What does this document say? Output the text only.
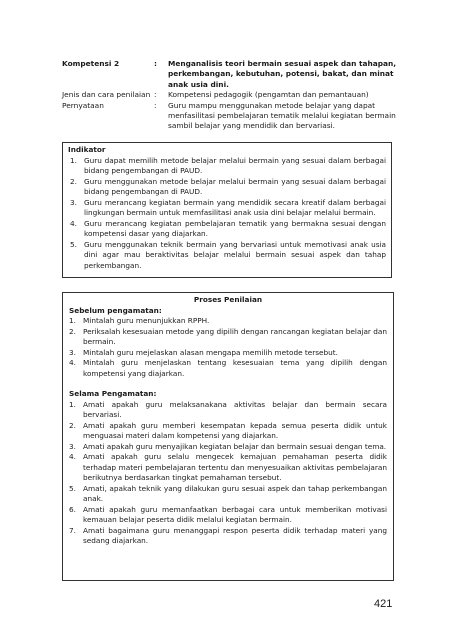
Kompetensi 2	:	Menganalisis teori bermain sesuai aspek dan tahapan, perkembangan, kebutuhan, potensi, bakat, dan minat anak usia dini.
Jenis dan cara penilaian :	Kompetensi pedagogik (pengamtan dan pemantauan)
Pernyataan	:	Guru mampu menggunakan metode belajar yang dapat menfasilitasi pembelajaran tematik melalui kegiatan bermain sambil belajar yang mendidik dan bervariasi.
Indikator
1. Guru dapat memilih metode belajar melalui bermain yang sesuai dalam berbagai bidang pengembangan di PAUD.
2. Guru menggunakan metode belajar melalui bermain yang sesuai dalam berbagai bidang pengembangan di PAUD.
3. Guru merancang kegiatan bermain yang mendidik secara kreatif dalam berbagai lingkungan bermain untuk memfasilitasi anak usia dini belajar melalui bermain.
4. Guru merancang kegiatan pembelajaran tematik yang bermakna sesuai dengan kompetensi dasar yang diajarkan.
5. Guru menggunakan teknik bermain yang bervariasi untuk memotivasi anak usia dini agar mau beraktivitas belajar melalui bermain sesuai aspek dan tahap perkembangan.
Proses Penilaian
Sebelum pengamatan:
1. Mintalah guru menunjukkan RPPH.
2. Periksalah kesesuaian metode yang dipilih dengan rancangan kegiatan belajar dan bermain.
3. Mintalah guru mejelaskan alasan mengapa memilih metode tersebut.
4. Mintalah guru menjelaskan tentang kesesuaian tema yang dipilih dengan kompetensi yang diajarkan.
Selama Pengamatan:
1. Amati apakah guru melaksanakana aktivitas belajar dan bermain secara bervariasi.
2. Amati apakah guru memberi kesempatan kepada semua peserta didik untuk menguasai materi dalam kompetensi yang diajarkan.
3. Amati apakah guru menyajikan kegiatan belajar dan bermain sesuai dengan tema.
4. Amati apakah guru selalu mengecek kemajuan pemahaman peserta didik terhadap materi pembelajaran tertentu dan menyesuaikan aktivitas pembelajaran berikutnya berdasarkan tingkat pemahaman tersebut.
5. Amati, apakah teknik yang dilakukan guru sesuai aspek dan tahap perkembangan anak.
6. Amati apakah guru memanfaatkan berbagai cara untuk memberikan motivasi kemauan belajar peserta didik melalui kegiatan bermain.
7. Amati bagaimana guru menanggapi respon peserta didik terhadap materi yang sedang diajarkan.
421
